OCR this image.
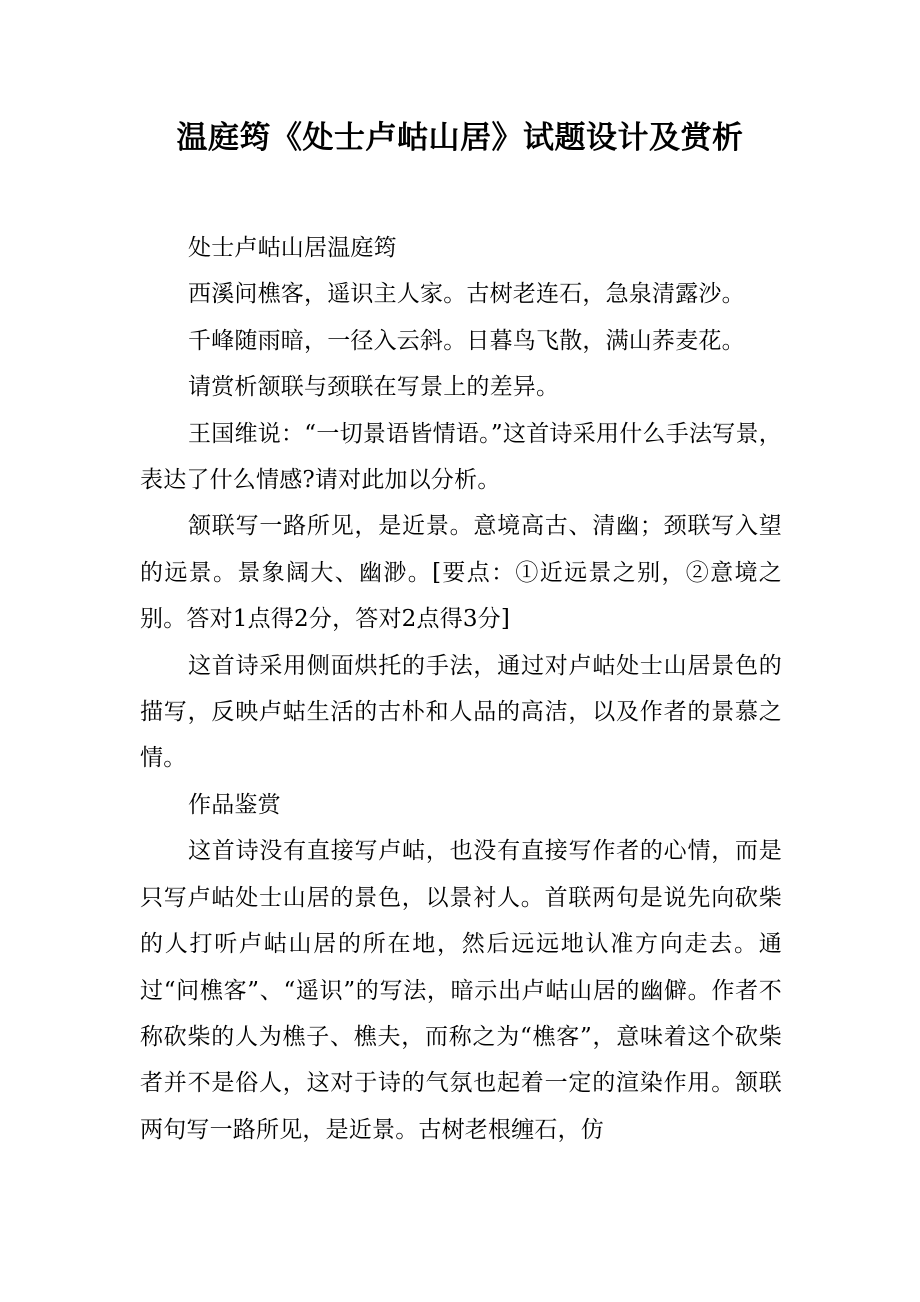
温庭筠《处士卢岵山居》试题设计及赏析

处士卢岵山居温庭筠

西溪问樵客，遥识主人家。古树老连石，急泉清露沙。

千峰随雨暗，一径入云斜。日暮鸟飞散，满山荞麦花。

请赏析颔联与颈联在写景上的差异。

王国维说：“一切景语皆情语。”这首诗采用什么手法写景，表达了什么情感?请对此加以分析。

颔联写一路所见，是近景。意境高古、清幽；颈联写入望的远景。景象阔大、幽渺。[要点：①近远景之别，②意境之别。答对1点得2分，答对2点得3分]

这首诗采用侧面烘托的手法，通过对卢岵处士山居景色的描写，反映卢蛄生活的古朴和人品的高洁，以及作者的景慕之情。

作品鉴赏

这首诗没有直接写卢岵，也没有直接写作者的心情，而是只写卢岵处士山居的景色，以景衬人。首联两句是说先向砍柴的人打听卢岵山居的所在地，然后远远地认准方向走去。通过“问樵客”、“遥识”的写法，暗示出卢岵山居的幽僻。作者不称砍柴的人为樵子、樵夫，而称之为“樵客”，意味着这个砍柴者并不是俗人，这对于诗的气氛也起着一定的渲染作用。颔联两句写一路所见，是近景。古树老根缠石，仿
